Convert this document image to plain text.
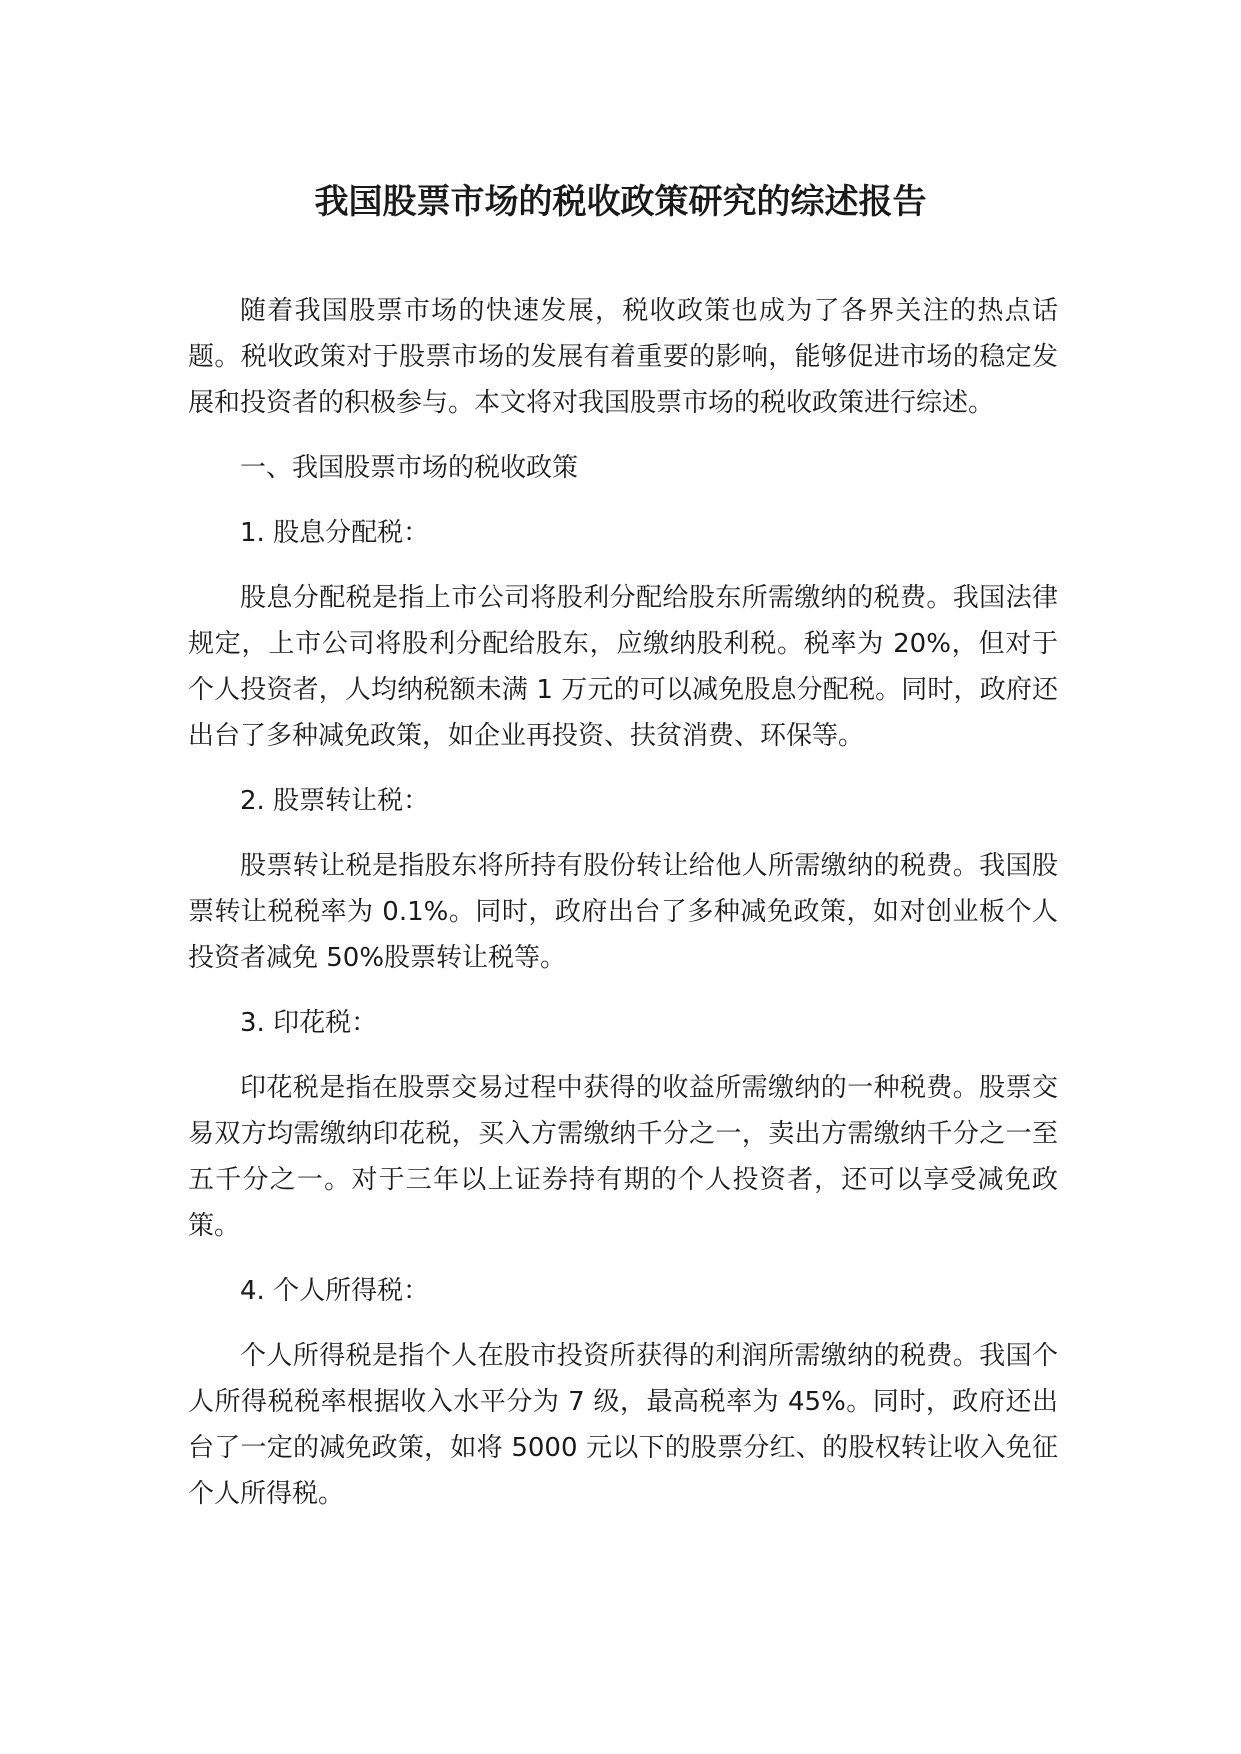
我国股票市场的税收政策研究的综述报告

随着我国股票市场的快速发展，税收政策也成为了各界关注的热点话题。税收政策对于股票市场的发展有着重要的影响，能够促进市场的稳定发展和投资者的积极参与。本文将对我国股票市场的税收政策进行综述。

一、我国股票市场的税收政策

1. 股息分配税：

股息分配税是指上市公司将股利分配给股东所需缴纳的税费。我国法律规定，上市公司将股利分配给股东，应缴纳股利税。税率为 20%，但对于个人投资者，人均纳税额未满 1 万元的可以减免股息分配税。同时，政府还出台了多种减免政策，如企业再投资、扶贫消费、环保等。

2. 股票转让税：

股票转让税是指股东将所持有股份转让给他人所需缴纳的税费。我国股票转让税税率为 0.1%。同时，政府出台了多种减免政策，如对创业板个人投资者减免 50%股票转让税等。

3. 印花税：

印花税是指在股票交易过程中获得的收益所需缴纳的一种税费。股票交易双方均需缴纳印花税，买入方需缴纳千分之一，卖出方需缴纳千分之一至五千分之一。对于三年以上证券持有期的个人投资者，还可以享受减免政策。

4. 个人所得税：

个人所得税是指个人在股市投资所获得的利润所需缴纳的税费。我国个人所得税税率根据收入水平分为 7 级，最高税率为 45%。同时，政府还出台了一定的减免政策，如将 5000 元以下的股票分红、的股权转让收入免征个人所得税。
